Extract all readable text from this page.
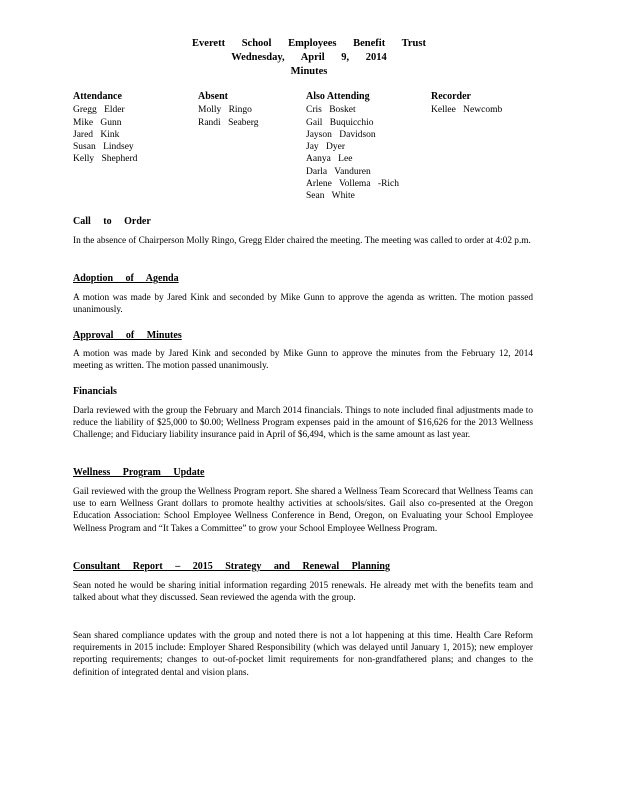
Everett School Employees Benefit Trust
Wednesday, April 9, 2014
Minutes
Attendance
Gregg Elder
Mike Gunn
Jared Kink
Susan Lindsey
Kelly Shepherd
Absent
Molly Ringo
Randi Seaberg
Also Attending
Cris Bosket
Gail Buquicchio
Jayson Davidson
Jay Dyer
Aanya Lee
Darla Vanduren
Arlene Vollema -Rich
Sean White
Recorder
Kellee Newcomb
Call to Order
In the absence of Chairperson Molly Ringo, Gregg Elder chaired the meeting. The meeting was called to order at 4:02 p.m.
Adoption of Agenda
A motion was made by Jared Kink and seconded by Mike Gunn to approve the agenda as written. The motion passed unanimously.
Approval of Minutes
A motion was made by Jared Kink and seconded by Mike Gunn to approve the minutes from the February 12, 2014 meeting as written. The motion passed unanimously.
Financials
Darla reviewed with the group the February and March 2014 financials. Things to note included final adjustments made to reduce the liability of $25,000 to $0.00; Wellness Program expenses paid in the amount of $16,626 for the 2013 Wellness Challenge; and Fiduciary liability insurance paid in April of $6,494, which is the same amount as last year.
Wellness Program Update
Gail reviewed with the group the Wellness Program report. She shared a Wellness Team Scorecard that Wellness Teams can use to earn Wellness Grant dollars to promote healthy activities at schools/sites. Gail also co-presented at the Oregon Education Association: School Employee Wellness Conference in Bend, Oregon, on Evaluating your School Employee Wellness Program and “It Takes a Committee” to grow your School Employee Wellness Program.
Consultant Report – 2015 Strategy and Renewal Planning
Sean noted he would be sharing initial information regarding 2015 renewals. He already met with the benefits team and talked about what they discussed. Sean reviewed the agenda with the group.
Sean shared compliance updates with the group and noted there is not a lot happening at this time. Health Care Reform requirements in 2015 include: Employer Shared Responsibility (which was delayed until January 1, 2015); new employer reporting requirements; changes to out-of-pocket limit requirements for non-grandfathered plans; and changes to the definition of integrated dental and vision plans.
